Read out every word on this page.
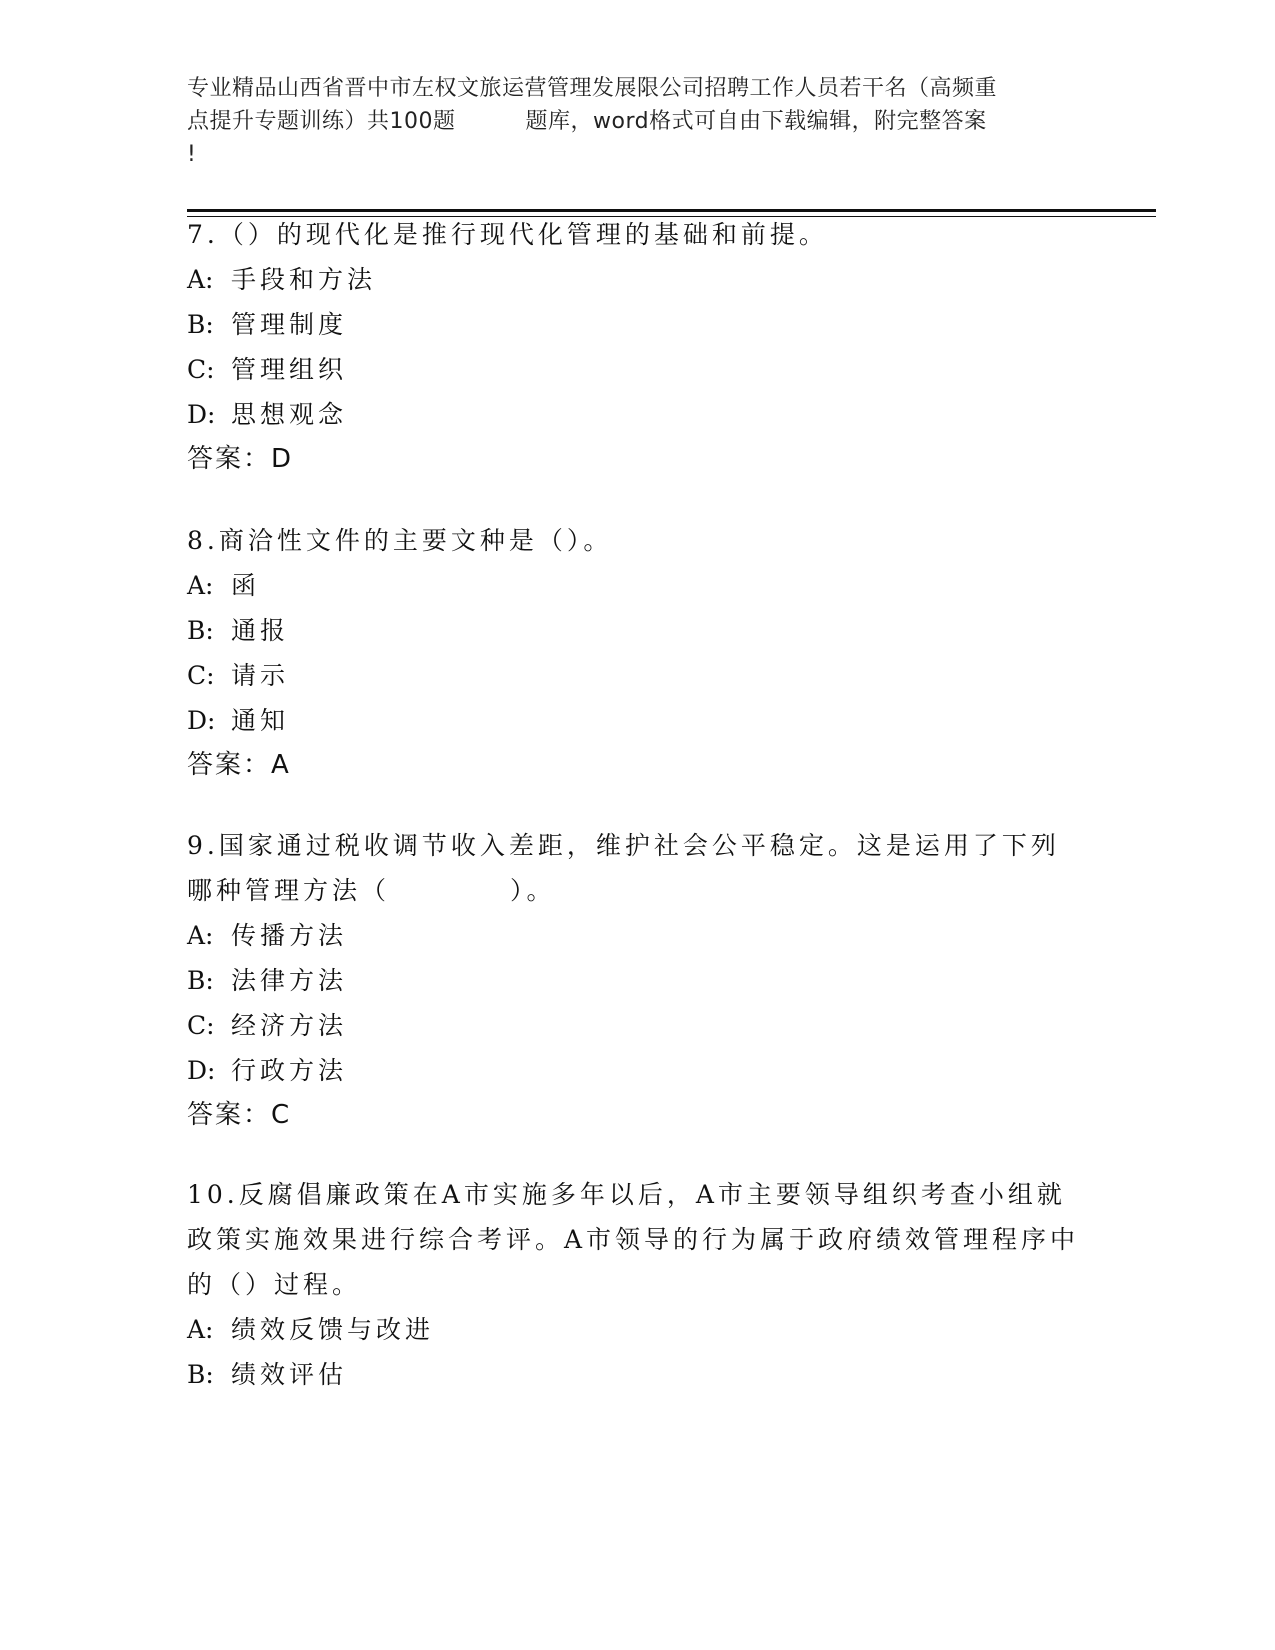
专业精品山西省晋中市左权文旅运营管理发展限公司招聘工作人员若干名（高频重
点提升专题训练）共100题	题库，word格式可自由下载编辑，附完整答案
!

7.（）的现代化是推行现代化管理的基础和前提。

A: 手段和方法

B: 管理制度

C: 管理组织

D: 思想观念

答案：D

8.商洽性文件的主要文种是（）。

A: 函

B: 通报

C: 请示

D: 通知

答案：A

9.国家通过税收调节收入差距，维护社会公平稳定。这是运用了下列

哪种管理方法（	）。

A: 传播方法

B: 法律方法

C: 经济方法

D: 行政方法

答案：C

10.反腐倡廉政策在A市实施多年以后，A市主要领导组织考查小组就

政策实施效果进行综合考评。A市领导的行为属于政府绩效管理程序中

的（）过程。

A: 绩效反馈与改进

B: 绩效评估
